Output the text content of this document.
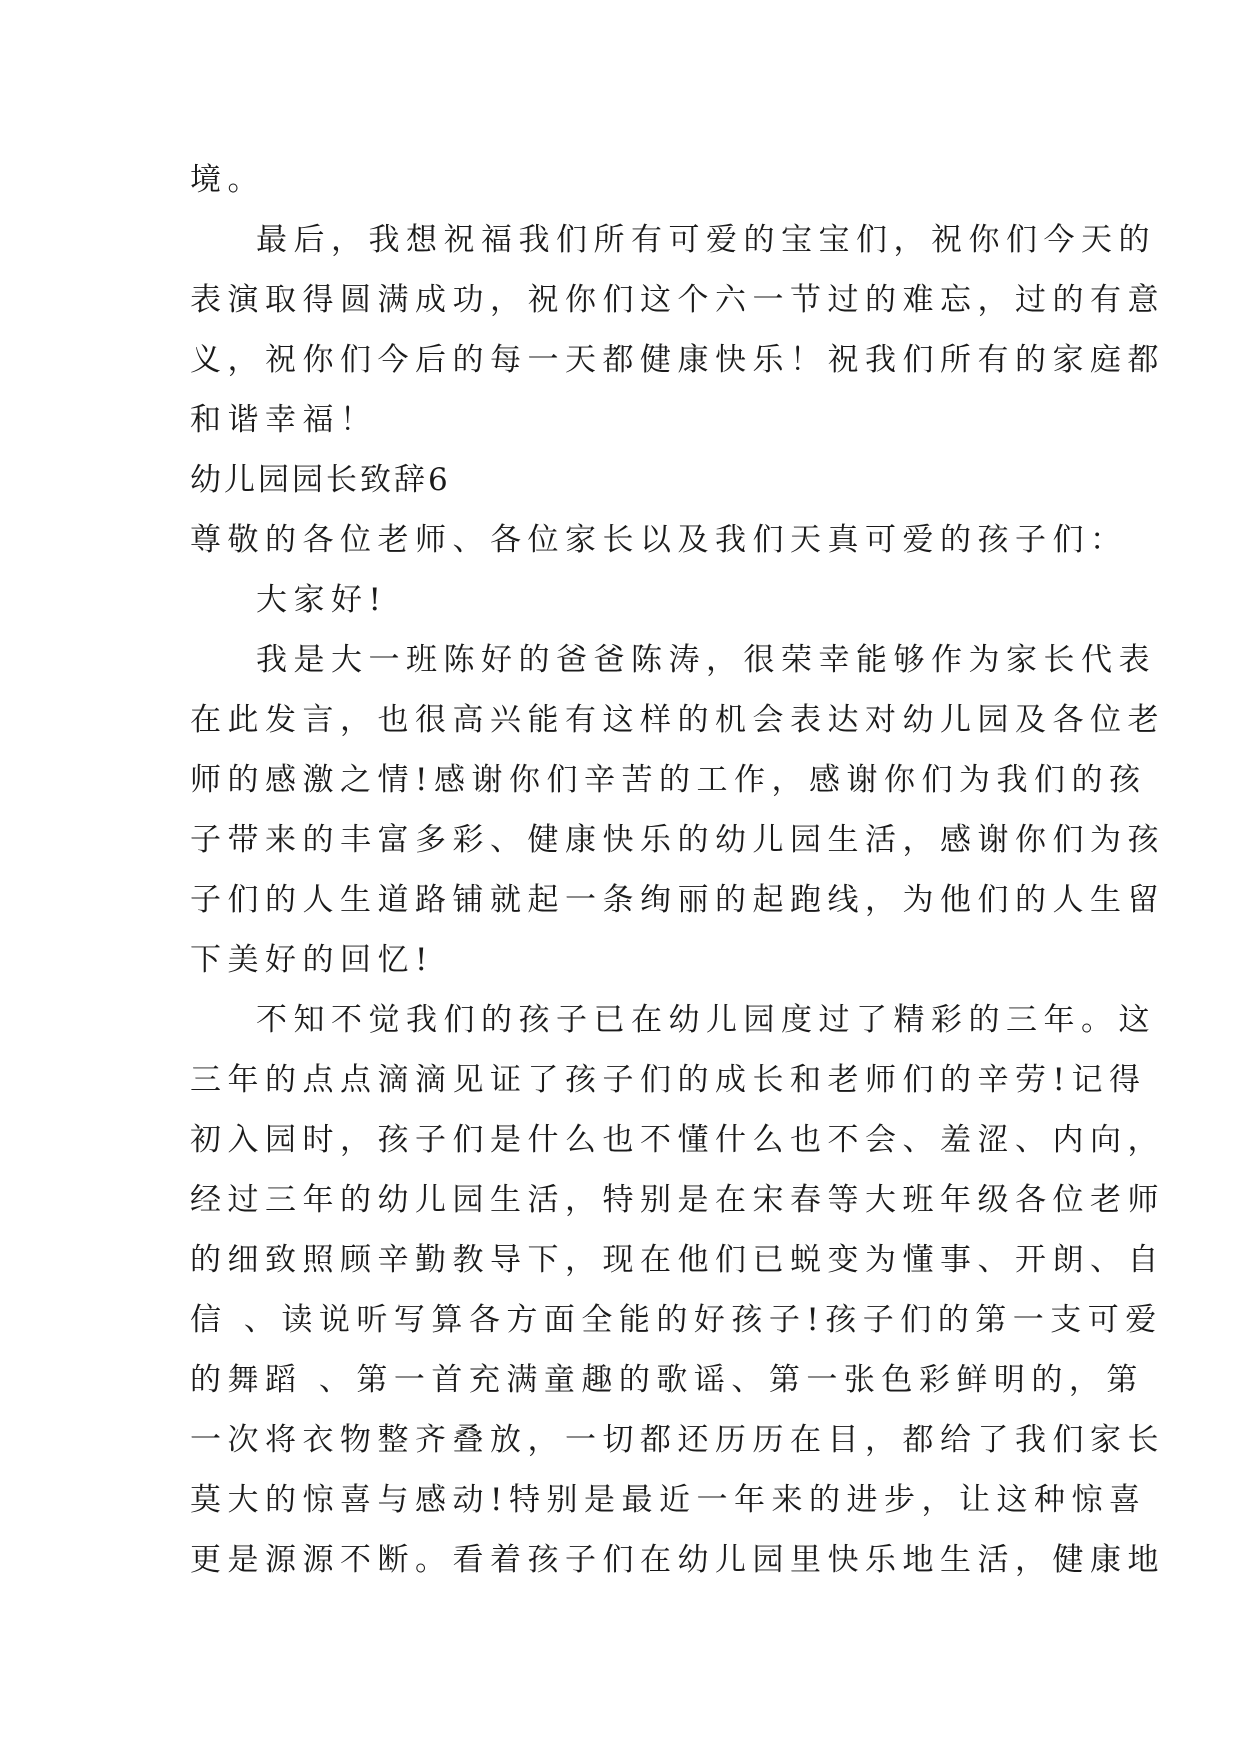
境。
最后，我想祝福我们所有可爱的宝宝们，祝你们今天的
表演取得圆满成功，祝你们这个六一节过的难忘，过的有意
义，祝你们今后的每一天都健康快乐！祝我们所有的家庭都
和谐幸福！
幼儿园园长致辞6
尊敬的各位老师、各位家长以及我们天真可爱的孩子们：
大家好!
我是大一班陈好的爸爸陈涛，很荣幸能够作为家长代表
在此发言，也很高兴能有这样的机会表达对幼儿园及各位老
师的感激之情!感谢你们辛苦的工作，感谢你们为我们的孩
子带来的丰富多彩、健康快乐的幼儿园生活，感谢你们为孩
子们的人生道路铺就起一条绚丽的起跑线，为他们的人生留
下美好的回忆!
不知不觉我们的孩子已在幼儿园度过了精彩的三年。这
三年的点点滴滴见证了孩子们的成长和老师们的辛劳!记得
初入园时，孩子们是什么也不懂什么也不会、羞涩、内向，
经过三年的幼儿园生活，特别是在宋春等大班年级各位老师
的细致照顾辛勤教导下，现在他们已蜕变为懂事、开朗、自
信 、读说听写算各方面全能的好孩子!孩子们的第一支可爱
的舞蹈 、第一首充满童趣的歌谣、第一张色彩鲜明的，第
一次将衣物整齐叠放，一切都还历历在目，都给了我们家长
莫大的惊喜与感动!特别是最近一年来的进步，让这种惊喜
更是源源不断。看着孩子们在幼儿园里快乐地生活，健康地
